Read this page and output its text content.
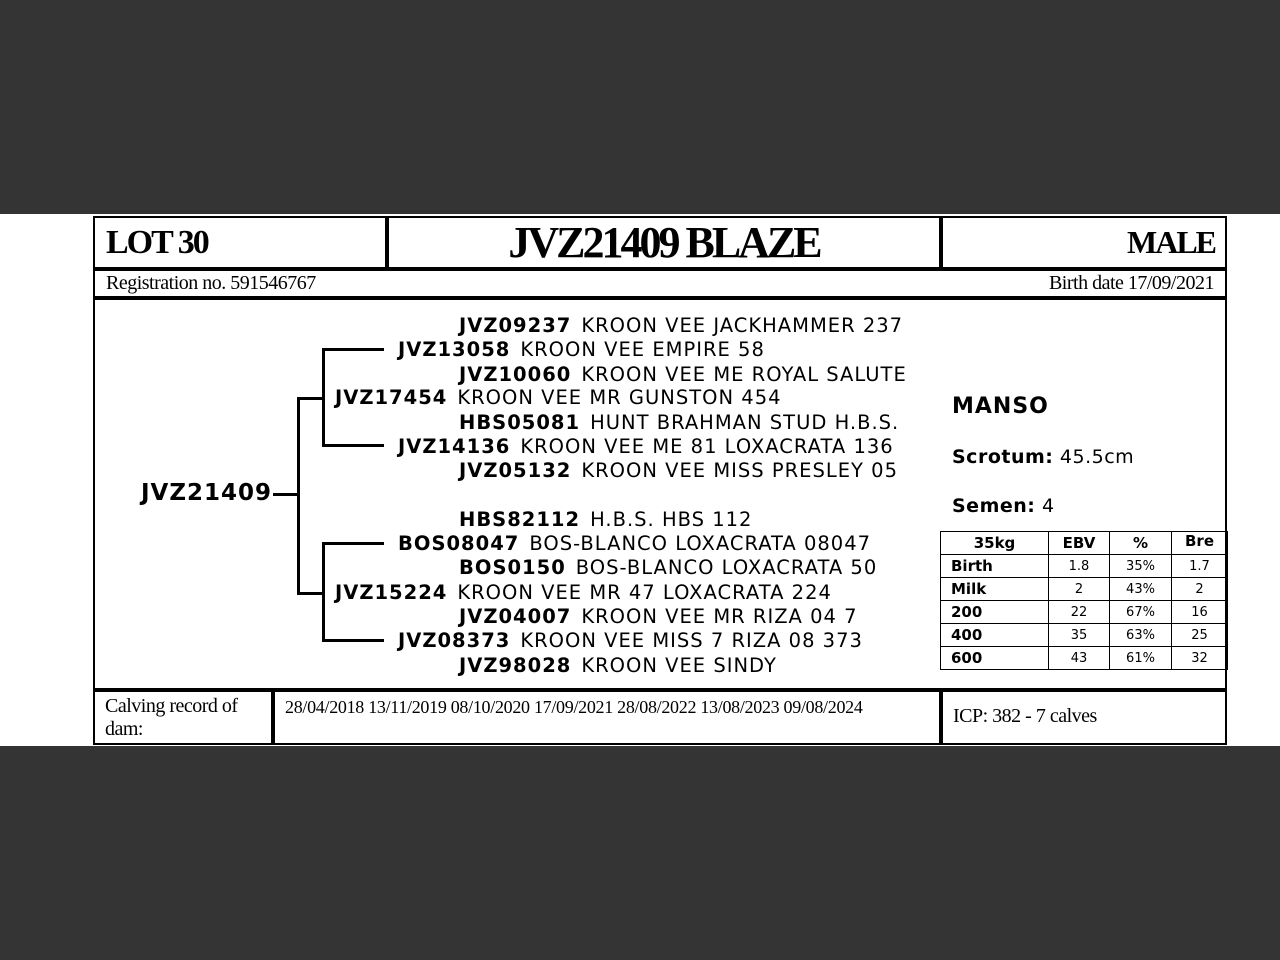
LOT 30	JVZ21409 BLAZE	MALE
Registration no. 591546767	Birth date 17/09/2021
JVZ21409
JVZ09237 KROON VEE JACKHAMMER 237
JVZ13058 KROON VEE EMPIRE 58
JVZ10060 KROON VEE ME ROYAL SALUTE
JVZ17454 KROON VEE MR GUNSTON 454
HBS05081 HUNT BRAHMAN STUD H.B.S.
JVZ14136 KROON VEE ME 81 LOXACRATA 136
JVZ05132 KROON VEE MISS PRESLEY 05
HBS82112 H.B.S. HBS 112
BOS08047 BOS-BLANCO LOXACRATA 08047
BOS0150 BOS-BLANCO LOXACRATA 50
JVZ15224 KROON VEE MR 47 LOXACRATA 224
JVZ04007 KROON VEE MR RIZA 04 7
JVZ08373 KROON VEE MISS 7 RIZA 08 373
JVZ98028 KROON VEE SINDY
MANSO
Scrotum: 45.5cm
Semen: 4
35kg	EBV	%	Bre
Birth	1.8	35%	1.7
Milk	2	43%	2
200	22	67%	16
400	35	63%	25
600	43	61%	32
Calving record of dam:
28/04/2018 13/11/2019 08/10/2020 17/09/2021 28/08/2022 13/08/2023 09/08/2024	ICP: 382 - 7 calves
